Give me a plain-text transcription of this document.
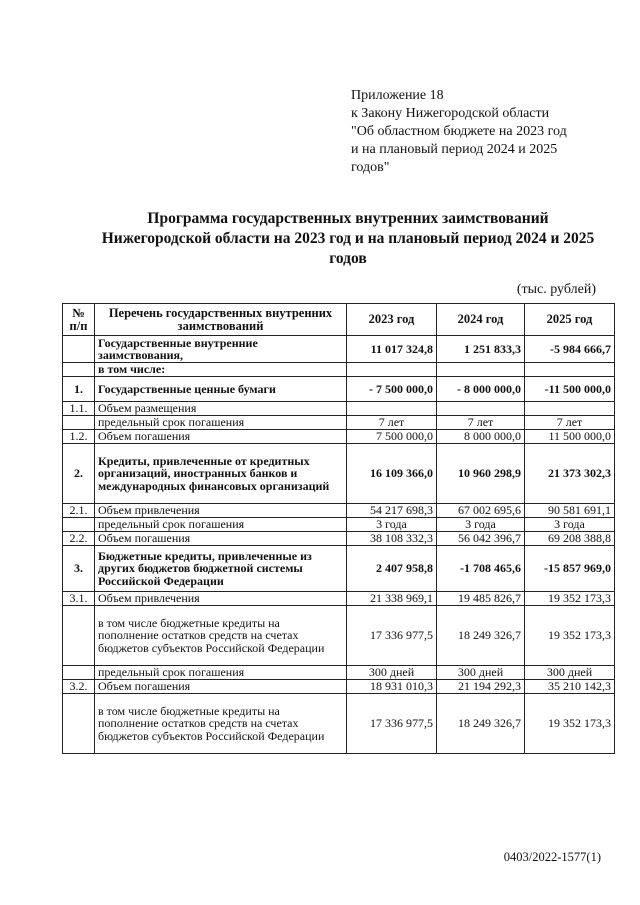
Приложение 18
к Закону Нижегородской области
"Об областном бюджете на 2023 год
и на плановый период 2024 и 2025
годов"
Программа государственных внутренних заимствований
Нижегородской области на 2023 год и на плановый период 2024 и 2025
годов
(тыс. рублей)
№ п/п	Перечень государственных внутренних заимствований	2023 год	2024 год	2025 год
	Государственные внутренние заимствования,	11 017 324,8	1 251 833,3	-5 984 666,7
	в том числе:			
1.	Государственные ценные бумаги	- 7 500 000,0	- 8 000 000,0	-11 500 000,0
1.1.	Объем размещения			
	предельный срок погашения	7 лет	7 лет	7 лет
1.2.	Объем погашения	7 500 000,0	8 000 000,0	11 500 000,0
2.	Кредиты, привлеченные от кредитных организаций, иностранных банков и международных финансовых организаций	16 109 366,0	10 960 298,9	21 373 302,3
2.1.	Объем привлечения	54 217 698,3	67 002 695,6	90 581 691,1
	предельный срок погашения	3 года	3 года	3 года
2.2.	Объем погашения	38 108 332,3	56 042 396,7	69 208 388,8
3.	Бюджетные кредиты, привлеченные из других бюджетов бюджетной системы Российской Федерации	2 407 958,8	-1 708 465,6	-15 857 969,0
3.1.	Объем привлечения	21 338 969,1	19 485 826,7	19 352 173,3
	в том числе бюджетные кредиты на пополнение остатков средств на счетах бюджетов субъектов Российской Федерации	17 336 977,5	18 249 326,7	19 352 173,3
	предельный срок погашения	300 дней	300 дней	300 дней
3.2.	Объем погашения	18 931 010,3	21 194 292,3	35 210 142,3
	в том числе бюджетные кредиты на пополнение остатков средств на счетах бюджетов субъектов Российской Федерации	17 336 977,5	18 249 326,7	19 352 173,3
0403/2022-1577(1)
